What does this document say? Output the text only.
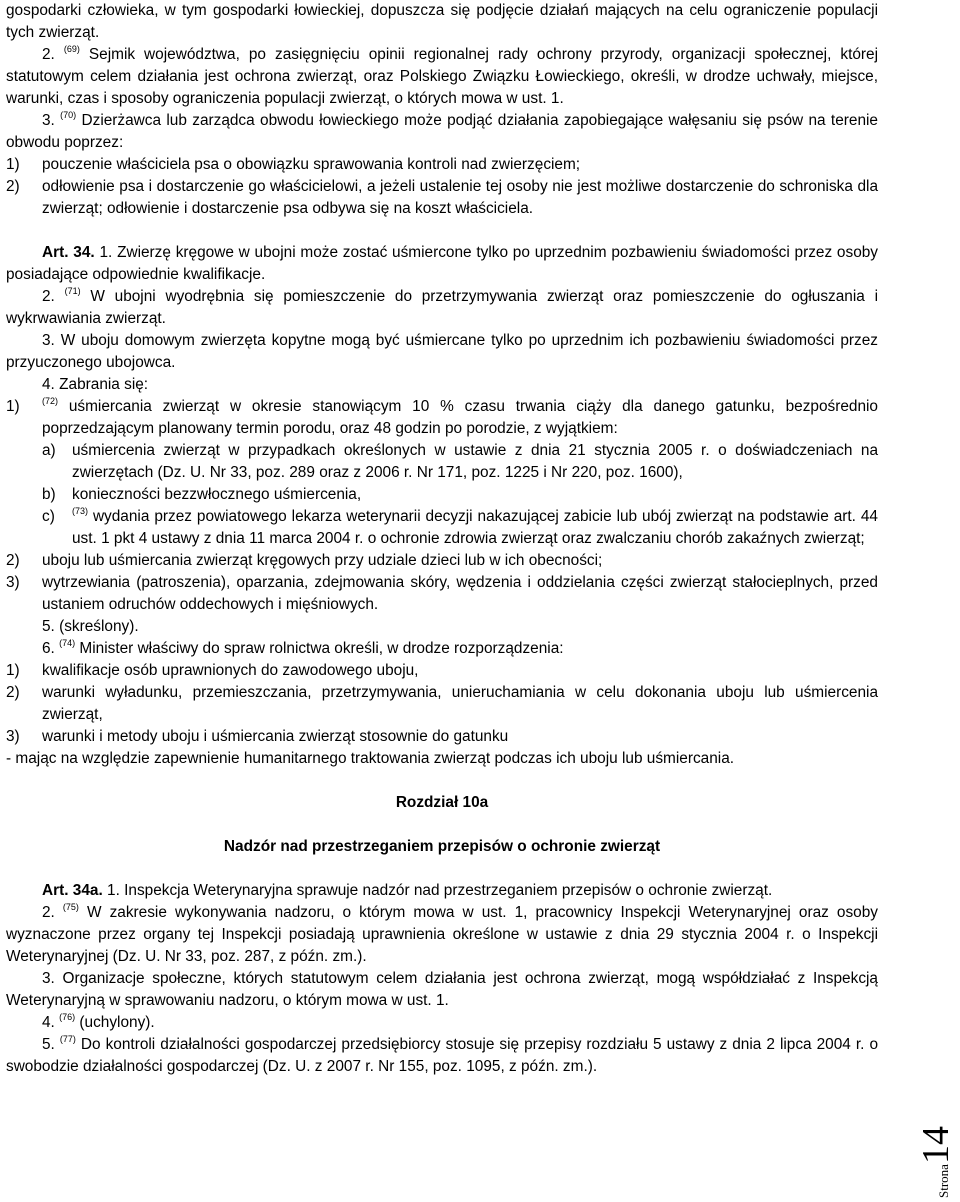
gospodarki człowieka, w tym gospodarki łowieckiej, dopuszcza się podjęcie działań mających na celu ograniczenie populacji tych zwierząt.

2. $^{(69)}$ Sejmik województwa, po zasięgnięciu opinii regionalnej rady ochrony przyrody, organizacji społecznej, której statutowym celem działania jest ochrona zwierząt, oraz Polskiego Związku Łowieckiego, określi, w drodze uchwały, miejsce, warunki, czas i sposoby ograniczenia populacji zwierząt, o których mowa w ust. 1.

3. $^{(70)}$ Dzierżawca lub zarządca obwodu łowieckiego może podjąć działania zapobiegające wałęsaniu się psów na terenie obwodu poprzez:

1)	pouczenie właściciela psa o obowiązku sprawowania kontroli nad zwierzęciem;
2)	odłowienie psa i dostarczenie go właścicielowi, a jeżeli ustalenie tej osoby nie jest możliwe dostarczenie do schroniska dla zwierząt; odłowienie i dostarczenie psa odbywa się na koszt właściciela.

Art. 34. 1. Zwierzę kręgowe w ubojni może zostać uśmiercone tylko po uprzednim pozbawieniu świadomości przez osoby posiadające odpowiednie kwalifikacje.

2. $^{(71)}$ W ubojni wyodrębnia się pomieszczenie do przetrzymywania zwierząt oraz pomieszczenie do ogłuszania i wykrwawiania zwierząt.

3. W uboju domowym zwierzęta kopytne mogą być uśmiercane tylko po uprzednim ich pozbawieniu świadomości przez przyuczonego ubojowca.

4. Zabrania się:

1)	$^{(72)}$ uśmiercania zwierząt w okresie stanowiącym 10 % czasu trwania ciąży dla danego gatunku, bezpośrednio poprzedzającym planowany termin porodu, oraz 48 godzin po porodzie, z wyjątkiem:
a)	uśmiercenia zwierząt w przypadkach określonych w ustawie z dnia 21 stycznia 2005 r. o doświadczeniach na zwierzętach (Dz. U. Nr 33, poz. 289 oraz z 2006 r. Nr 171, poz. 1225 i Nr 220, poz. 1600),
b)	konieczności bezzwłocznego uśmiercenia,
c)	$^{(73)}$ wydania przez powiatowego lekarza weterynarii decyzji nakazującej zabicie lub ubój zwierząt na podstawie art. 44 ust. 1 pkt 4 ustawy z dnia 11 marca 2004 r. o ochronie zdrowia zwierząt oraz zwalczaniu chorób zakaźnych zwierząt;
2)	uboju lub uśmiercania zwierząt kręgowych przy udziale dzieci lub w ich obecności;
3)	wytrzewiania (patroszenia), oparzania, zdejmowania skóry, wędzenia i oddzielania części zwierząt stałocieplnych, przed ustaniem odruchów oddechowych i mięśniowych.

5. (skreślony).

6. $^{(74)}$ Minister właściwy do spraw rolnictwa określi, w drodze rozporządzenia:

1)	kwalifikacje osób uprawnionych do zawodowego uboju,
2)	warunki wyładunku, przemieszczania, przetrzymywania, unieruchamiania w celu dokonania uboju lub uśmiercenia zwierząt,
3)	warunki i metody uboju i uśmiercania zwierząt stosownie do gatunku

- mając na względzie zapewnienie humanitarnego traktowania zwierząt podczas ich uboju lub uśmiercania.

Rozdział 10a

Nadzór nad przestrzeganiem przepisów o ochronie zwierząt

Art. 34a. 1. Inspekcja Weterynaryjna sprawuje nadzór nad przestrzeganiem przepisów o ochronie zwierząt.

2. $^{(75)}$ W zakresie wykonywania nadzoru, o którym mowa w ust. 1, pracownicy Inspekcji Weterynaryjnej oraz osoby wyznaczone przez organy tej Inspekcji posiadają uprawnienia określone w ustawie z dnia 29 stycznia 2004 r. o Inspekcji Weterynaryjnej (Dz. U. Nr 33, poz. 287, z późn. zm.).

3. Organizacje społeczne, których statutowym celem działania jest ochrona zwierząt, mogą współdziałać z Inspekcją Weterynaryjną w sprawowaniu nadzoru, o którym mowa w ust. 1.

4. $^{(76)}$ (uchylony).

5. $^{(77)}$ Do kontroli działalności gospodarczej przedsiębiorcy stosuje się przepisy rozdziału 5 ustawy z dnia 2 lipca 2004 r. o swobodzie działalności gospodarczej (Dz. U. z 2007 r. Nr 155, poz. 1095, z późn. zm.).

Strona14
